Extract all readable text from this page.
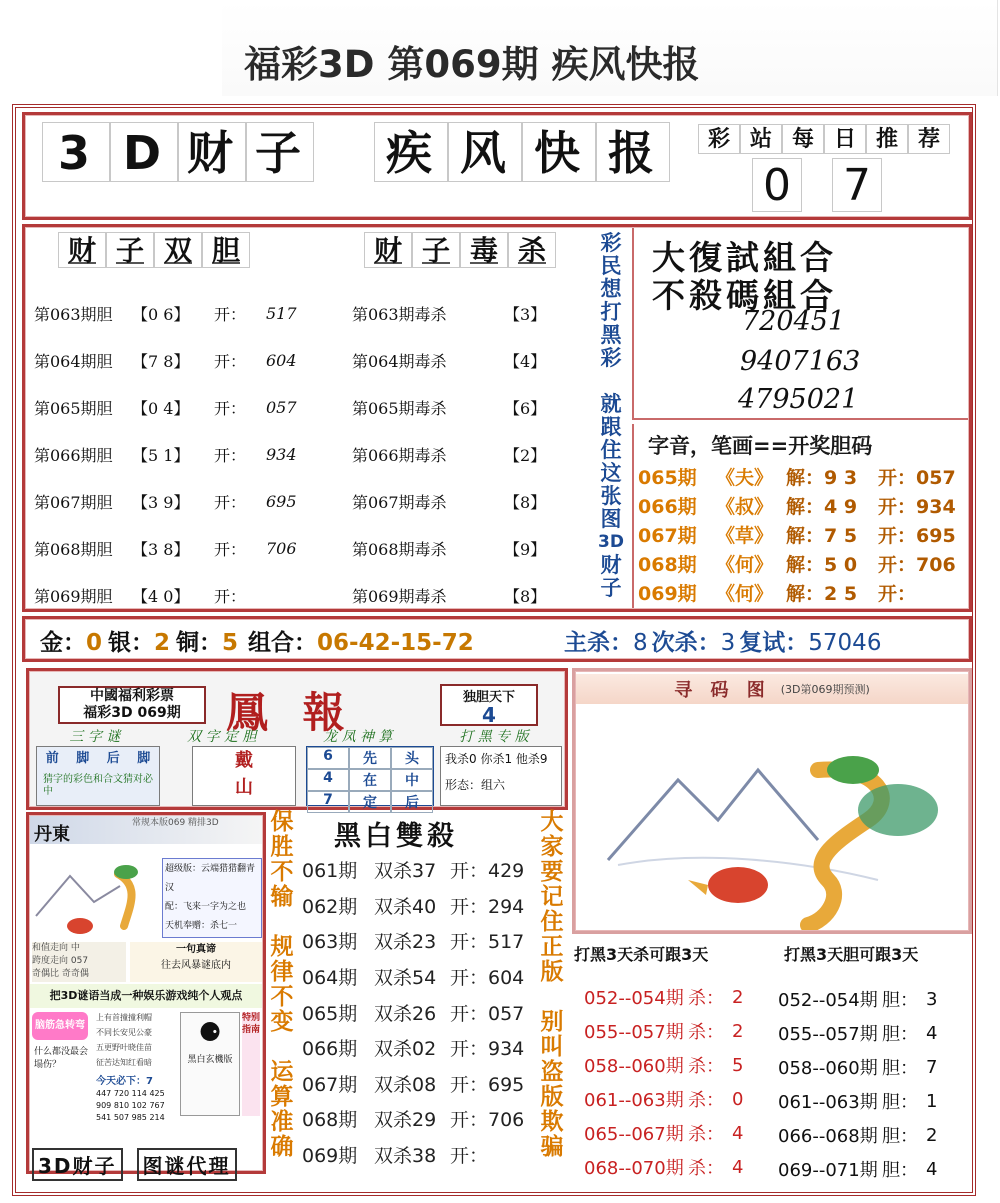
福彩3D 第069期 疾风快报
3 D 财 子 疾 风 快 报	彩 站 每 日 推 荐
0 7
财 子 双 胆	财 子 毒 杀
第063期胆	【0 6】	开：	517
第064期胆	【7 8】	开：	604
第065期胆	【0 4】	开：	057
第066期胆	【5 1】	开：	934
第067期胆	【3 9】	开：	695
第068期胆	【3 8】	开：	706
第069期胆	【4 0】	开：
第063期毒杀	【3】
第064期毒杀	【4】
第065期毒杀	【6】
第066期毒杀	【2】
第067期毒杀	【8】
第068期毒杀	【9】
第069期毒杀	【8】
彩
民
想
打
黑
彩
就
跟
住
这
张
图
3D
财
子
大復試組合
不殺碼組合
720451
9407163
4795021
字音，笔画==开奖胆码
065期	《夫》 解：9 3	开：057
066期	《叔》 解：4 9	开：934
067期	《草》 解：7 5	开：695
068期	《何》 解：5 0	开：706
069期	《何》 解：2 5	开：
金： 0 银： 2 铜： 5 组合： 06-42-15-72	主杀： 8 次杀： 3 复试： 57046
中國福利彩票
福彩3D 069期	鳳 報	独胆天下
4
三 字 谜	双 字 定 胆	龙 凤 神 算	打 黑 专 版
前 脚 后 脚
猜字的彩色和合文猜对必中
戴
山
6	先	头
4	在	中
7	定	后
我杀0 你杀1 他杀9
形态：组六
寻 码 图 (3D第069期预测)
丹東
常规本版069 精排3D
超级版：云端猎猎翻青汉
配：飞来一字为之也
天机奉赠：杀七一
和值走向 中
跨度走向 057
奇偶比 奇奇偶
一句真谛
往去风暴谜底内
把3D谜语当成一种娱乐游戏纯个人观点
脑筋急转弯
什么都没最会塌伤？
上有首撞撞利帽
不同长安见公豪
五更野叶晓佳苗
征苦达知红看暗
今天必下：7
447 720 114 425
909 810 102 767
541 507 985 214
⚈
黑白玄機版
特别指南
保
胜
不
输
规
律
不
变
运
算
准
确
黑白雙殺
061期 双杀37 开：429
062期 双杀40 开：294
063期 双杀23 开：517
064期 双杀54 开：604
065期 双杀26 开：057
066期 双杀02 开：934
067期 双杀08 开：695
068期 双杀29 开：706
069期 双杀38 开：
大
家
要
记
住
正
版
别
叫
盗
版
欺
骗
打黑3天杀可跟3天	打黑3天胆可跟3天
052--054期 杀： 2
055--057期 杀： 2
058--060期 杀： 5
061--063期 杀： 0
065--067期 杀： 4
068--070期 杀： 4
052--054期 胆： 3
055--057期 胆： 4
058--060期 胆： 7
061--063期 胆： 1
066--068期 胆： 2
069--071期 胆： 4
3D财子	图谜代理
